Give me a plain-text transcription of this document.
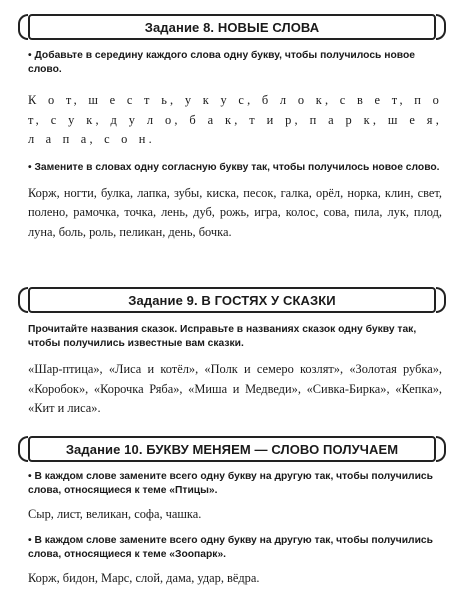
Задание 8. НОВЫЕ СЛОВА

• Добавьте в середину каждого слова одну букву, чтобы получилось новое слово.

К о т, ш е с т ь, у к у с, б л о к, с в е т, п о т, с у к, д у л о, б а к, т и р, п а р к, ш е я, л а п а, с о н.

• Замените в словах одну согласную букву так, чтобы получилось новое слово.

Корж, ногти, булка, лапка, зубы, киска, песок, галка, орёл, норка, клин, свет, полено, рамочка, точка, лень, дуб, рожь, игра, колос, сова, пила, лук, плод, луна, боль, роль, пеликан, день, бочка.

Задание 9. В ГОСТЯХ У СКАЗКИ

Прочитайте названия сказок. Исправьте в названиях сказок одну букву так, чтобы получились известные вам сказки.

«Шар-птица», «Лиса и котёл», «Полк и семеро козлят», «Золотая рубка», «Коробок», «Корочка Ряба», «Миша и Медведи», «Сивка-Бирка», «Кепка», «Кит и лиса».

Задание 10. БУКВУ МЕНЯЕМ — СЛОВО ПОЛУЧАЕМ

• В каждом слове замените всего одну букву на другую так, чтобы получились слова, относящиеся к теме «Птицы».

Сыр, лист, великан, софа, чашка.

• В каждом слове замените всего одну букву на другую так, чтобы получились слова, относящиеся к теме «Зоопарк».

Корж, бидон, Марс, слой, дама, удар, вёдра.
